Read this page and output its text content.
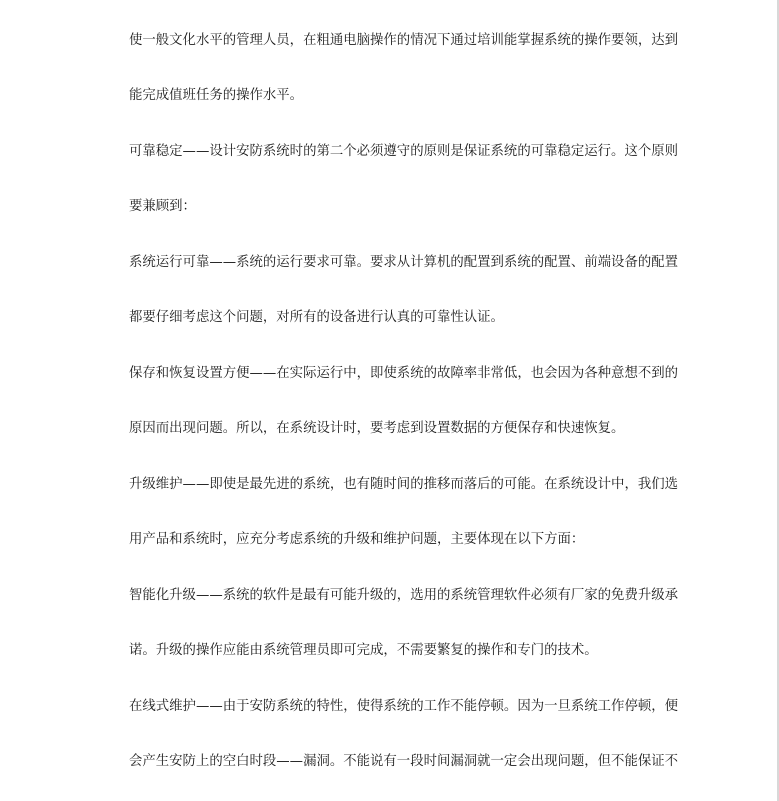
使一般文化水平的管理人员，在粗通电脑操作的情况下通过培训能掌握系统的操作要领，达到
能完成值班任务的操作水平。
可靠稳定——设计安防系统时的第二个必须遵守的原则是保证系统的可靠稳定运行。这个原则
要兼顾到：
系统运行可靠——系统的运行要求可靠。要求从计算机的配置到系统的配置、前端设备的配置
都要仔细考虑这个问题，对所有的设备进行认真的可靠性认证。
保存和恢复设置方便——在实际运行中，即使系统的故障率非常低，也会因为各种意想不到的
原因而出现问题。所以，在系统设计时，要考虑到设置数据的方便保存和快速恢复。
升级维护——即使是最先进的系统，也有随时间的推移而落后的可能。在系统设计中，我们选
用产品和系统时，应充分考虑系统的升级和维护问题，主要体现在以下方面：
智能化升级——系统的软件是最有可能升级的，选用的系统管理软件必须有厂家的免费升级承
诺。升级的操作应能由系统管理员即可完成，不需要繁复的操作和专门的技术。
在线式维护——由于安防系统的特性，使得系统的工作不能停顿。因为一旦系统工作停顿，便
会产生安防上的空白时段——漏洞。不能说有一段时间漏洞就一定会出现问题，但不能保证不
